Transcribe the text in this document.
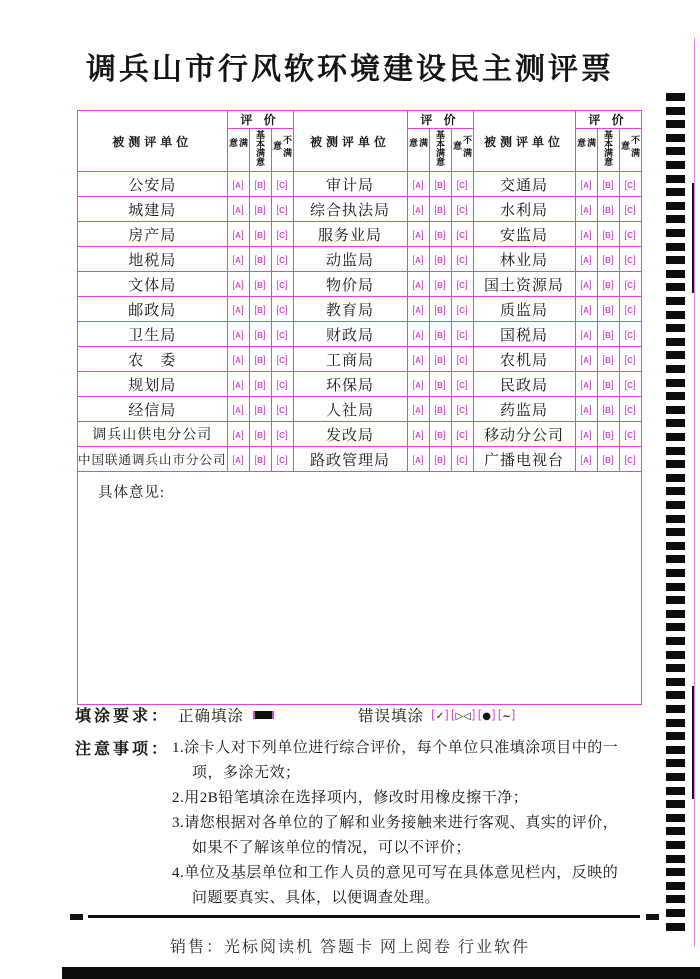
调兵山市行风软环境建设民主测评票
被测评单位	评 价			被测评单位	评 价			被测评单位	评 价		
	满意	基本满意	不满意		满意	基本满意	不满意		满意	基本满意	不满意
公安局	[ A ]	[ B ]	[ C ]	审计局	[ A ]	[ B ]	[ C ]	交通局	[ A ]	[ B ]	[ C ]
城建局	[ A ]	[ B ]	[ C ]	综合执法局	[ A ]	[ B ]	[ C ]	水利局	[ A ]	[ B ]	[ C ]
房产局	[ A ]	[ B ]	[ C ]	服务业局	[ A ]	[ B ]	[ C ]	安监局	[ A ]	[ B ]	[ C ]
地税局	[ A ]	[ B ]	[ C ]	动监局	[ A ]	[ B ]	[ C ]	林业局	[ A ]	[ B ]	[ C ]
文体局	[ A ]	[ B ]	[ C ]	物价局	[ A ]	[ B ]	[ C ]	国土资源局	[ A ]	[ B ]	[ C ]
邮政局	[ A ]	[ B ]	[ C ]	教育局	[ A ]	[ B ]	[ C ]	质监局	[ A ]	[ B ]	[ C ]
卫生局	[ A ]	[ B ]	[ C ]	财政局	[ A ]	[ B ]	[ C ]	国税局	[ A ]	[ B ]	[ C ]
农　委	[ A ]	[ B ]	[ C ]	工商局	[ A ]	[ B ]	[ C ]	农机局	[ A ]	[ B ]	[ C ]
规划局	[ A ]	[ B ]	[ C ]	环保局	[ A ]	[ B ]	[ C ]	民政局	[ A ]	[ B ]	[ C ]
经信局	[ A ]	[ B ]	[ C ]	人社局	[ A ]	[ B ]	[ C ]	药监局	[ A ]	[ B ]	[ C ]
调兵山供电分公司	[ A ]	[ B ]	[ C ]	发改局	[ A ]	[ B ]	[ C ]	移动分公司	[ A ]	[ B ]	[ C ]
中国联通调兵山市分公司	[ A ]	[ B ]	[ C ]	路政管理局	[ A ]	[ B ]	[ C ]	广播电视台	[ A ]	[ B ]	[ C ]

具体意见:											
填涂要求： 正确填涂	错误填涂	[ ✓ ]	[ ▷◁ ]	[ ● ]	[ ~ ]
注意事项： 1.涂卡人对下列单位进行综合评价，每个单位只准填涂项目中的一项，多涂无效；
2.用2B铅笔填涂在选择项内，修改时用橡皮擦干净；
3.请您根据对各单位的了解和业务接触来进行客观、真实的评价，如果不了解该单位的情况，可以不评价；
4.单位及基层单位和工作人员的意见可写在具体意见栏内，反映的问题要真实、具体，以便调查处理。
销售：光标阅读机 答题卡 网上阅卷 行业软件
